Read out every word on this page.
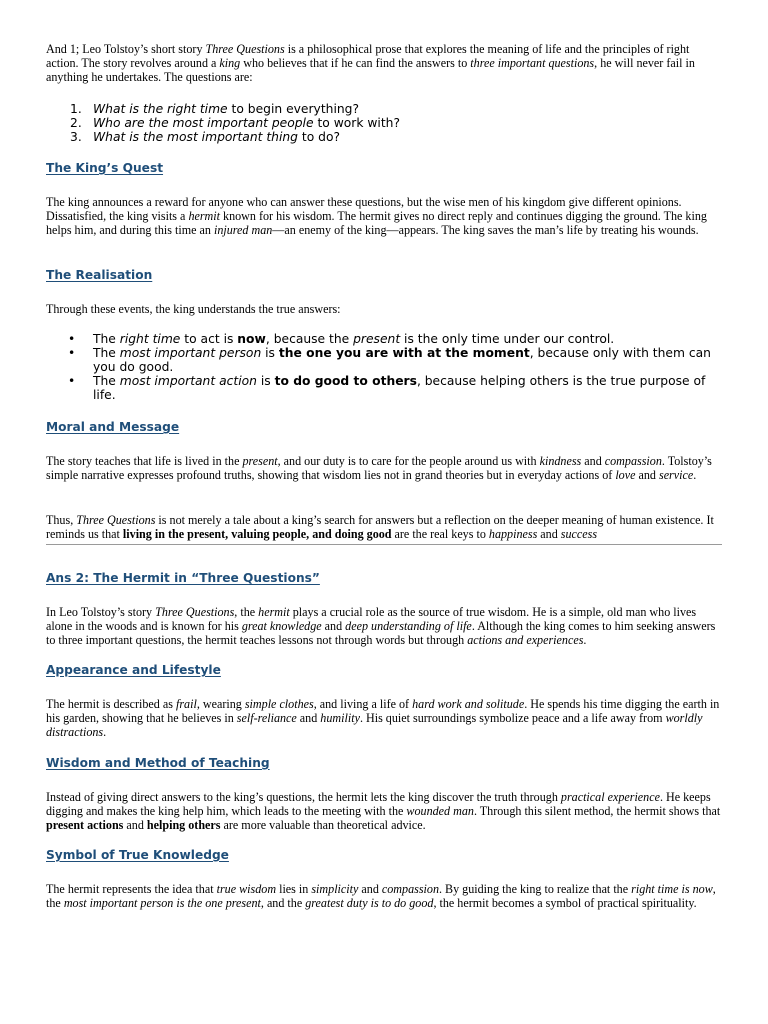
And 1; Leo Tolstoy’s short story Three Questions is a philosophical prose that explores the meaning of life and the principles of right action. The story revolves around a king who believes that if he can find the answers to three important questions, he will never fail in anything he undertakes. The questions are:

1. What is the right time to begin everything?
2. Who are the most important people to work with?
3. What is the most important thing to do?
The King’s Quest

The king announces a reward for anyone who can answer these questions, but the wise men of his kingdom give different opinions. Dissatisfied, the king visits a hermit known for his wisdom. The hermit gives no direct reply and continues digging the ground. The king helps him, and during this time an injured man—an enemy of the king—appears. The king saves the man’s life by treating his wounds.

The Realisation

Through these events, the king understands the true answers:

• The right time to act is now, because the present is the only time under our control.
• The most important person is the one you are with at the moment, because only with them can you do good.
• The most important action is to do good to others, because helping others is the true purpose of life.
Moral and Message

The story teaches that life is lived in the present, and our duty is to care for the people around us with kindness and compassion. Tolstoy’s simple narrative expresses profound truths, showing that wisdom lies not in grand theories but in everyday actions of love and service.

Thus, Three Questions is not merely a tale about a king’s search for answers but a reflection on the deeper meaning of human existence. It reminds us that living in the present, valuing people, and doing good are the real keys to happiness and success

Ans 2: The Hermit in “Three Questions”

In Leo Tolstoy’s story Three Questions, the hermit plays a crucial role as the source of true wisdom. He is a simple, old man who lives alone in the woods and is known for his great knowledge and deep understanding of life. Although the king comes to him seeking answers to three important questions, the hermit teaches lessons not through words but through actions and experiences.

Appearance and Lifestyle

The hermit is described as frail, wearing simple clothes, and living a life of hard work and solitude. He spends his time digging the earth in his garden, showing that he believes in self-reliance and humility. His quiet surroundings symbolize peace and a life away from worldly distractions.

Wisdom and Method of Teaching

Instead of giving direct answers to the king’s questions, the hermit lets the king discover the truth through practical experience. He keeps digging and makes the king help him, which leads to the meeting with the wounded man. Through this silent method, the hermit shows that present actions and helping others are more valuable than theoretical advice.

Symbol of True Knowledge

The hermit represents the idea that true wisdom lies in simplicity and compassion. By guiding the king to realize that the right time is now, the most important person is the one present, and the greatest duty is to do good, the hermit becomes a symbol of practical spirituality.
